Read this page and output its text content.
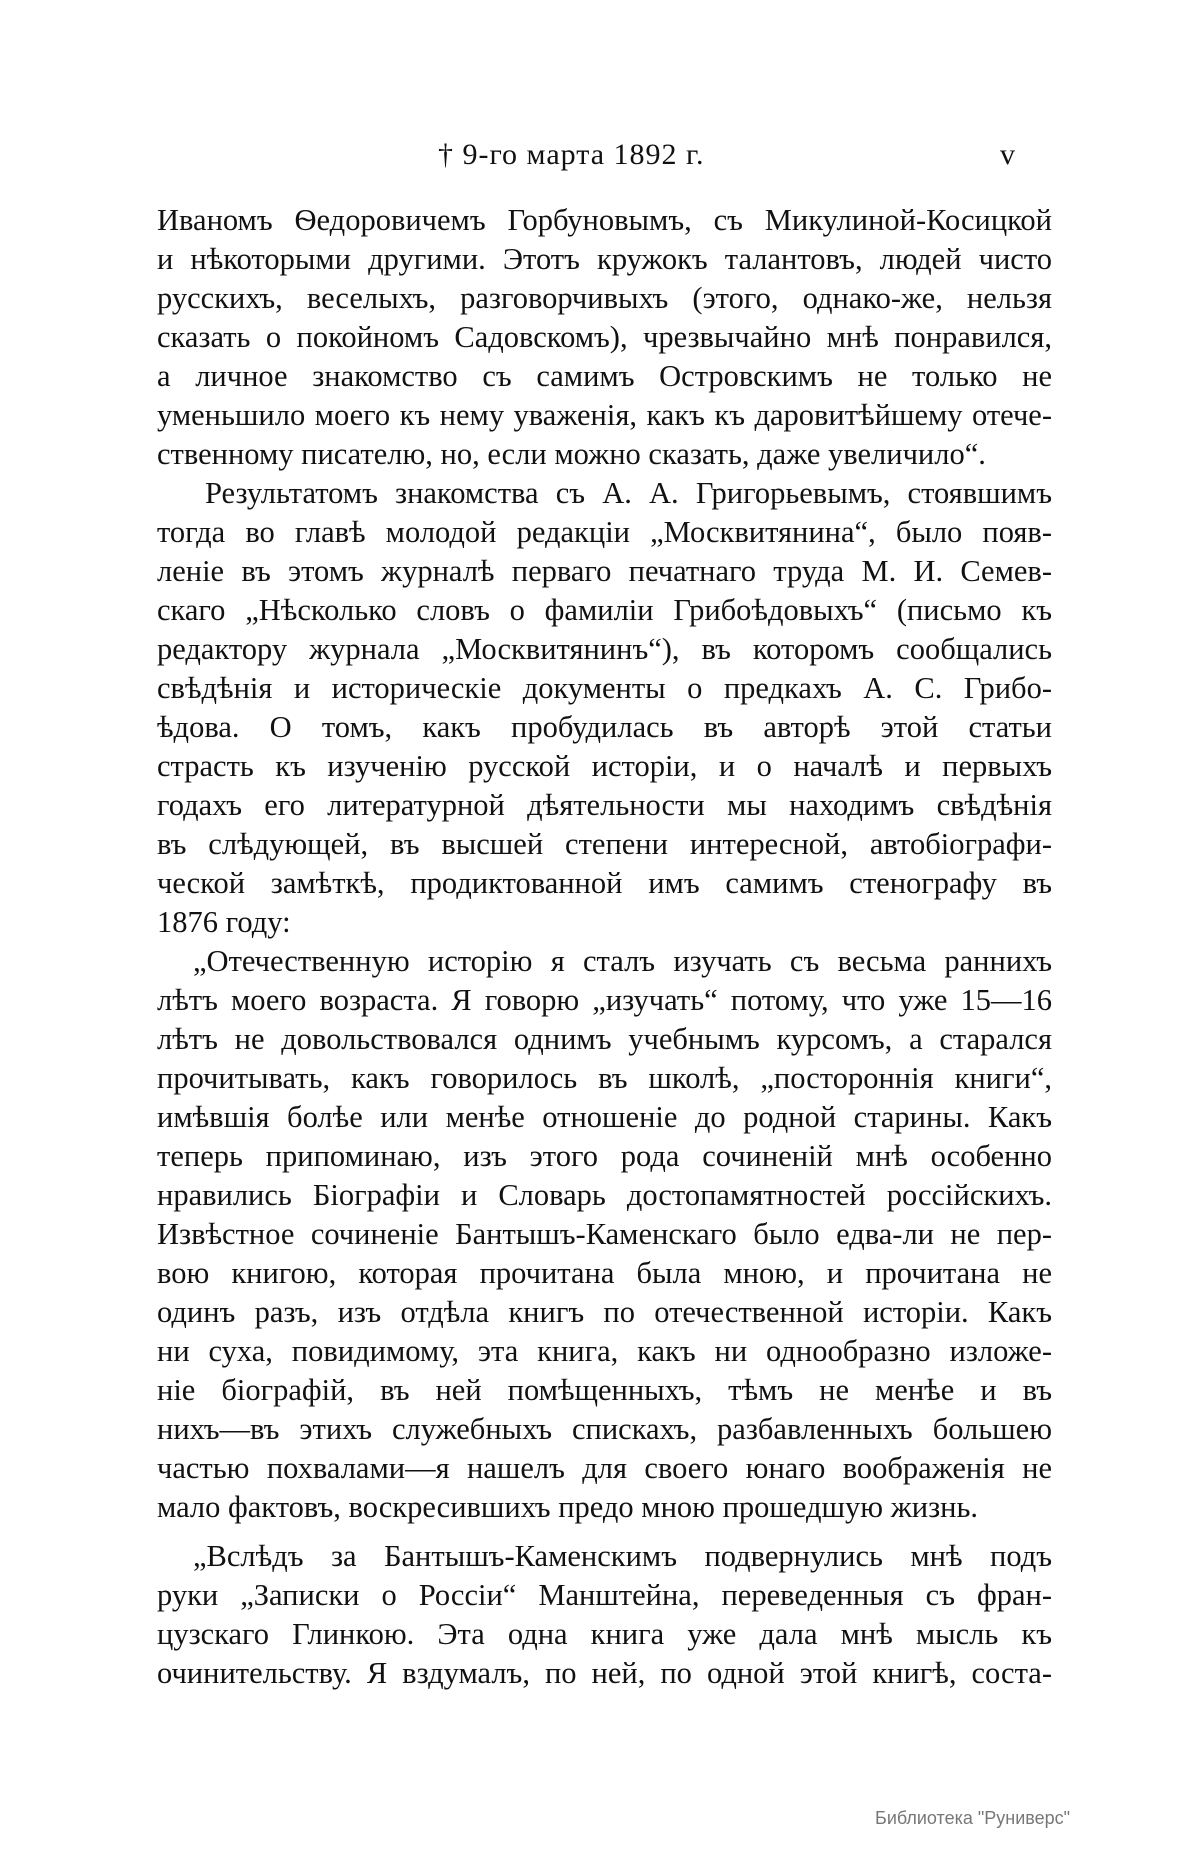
† 9-го марта 1892 г.	v
Иваномъ Ѳедоровичемъ Горбуновымъ, съ Микулиной-Косицкой
и нѣкоторыми другими. Этотъ кружокъ талантовъ, людей чисто
русскихъ, веселыхъ, разговорчивыхъ (этого, однако-же, нельзя
сказать о покойномъ Садовскомъ), чрезвычайно мнѣ понравился,
а личное знакомство съ самимъ Островскимъ не только не
уменьшило моего къ нему уваженія, какъ къ даровитѣйшему отече-
ственному писателю, но, если можно сказать, даже увеличило“.
Результатомъ знакомства съ А. А. Григорьевымъ, стоявшимъ
тогда во главѣ молодой редакціи „Москвитянина“, было появ-
леніе въ этомъ журналѣ перваго печатнаго труда М. И. Семев-
скаго „Нѣсколько словъ о фамиліи Грибоѣдовыхъ“ (письмо къ
редактору журнала „Москвитянинъ“), въ которомъ сообщались
свѣдѣнія и историческіе документы о предкахъ А. С. Грибо-
ѣдова. О томъ, какъ пробудилась въ авторѣ этой статьи
страсть къ изученію русской исторіи, и о началѣ и первыхъ
годахъ его литературной дѣятельности мы находимъ свѣдѣнія
въ слѣдующей, въ высшей степени интересной, автобіографи-
ческой замѣткѣ, продиктованной имъ самимъ стенографу въ
1876 году:
„Отечественную исторію я сталъ изучать съ весьма раннихъ
лѣтъ моего возраста. Я говорю „изучать“ потому, что уже 15—16
лѣтъ не довольствовался однимъ учебнымъ курсомъ, а старался
прочитывать, какъ говорилось въ школѣ, „постороннія книги“,
имѣвшія болѣе или менѣе отношеніе до родной старины. Какъ
теперь припоминаю, изъ этого рода сочиненій мнѣ особенно
нравились Біографіи и Словарь достопамятностей россійскихъ.
Извѣстное сочиненіе Бантышъ-Каменскаго было едва-ли не пер-
вою книгою, которая прочитана была мною, и прочитана не
одинъ разъ, изъ отдѣла книгъ по отечественной исторіи. Какъ
ни суха, повидимому, эта книга, какъ ни однообразно изложе-
ніе біографій, въ ней помѣщенныхъ, тѣмъ не менѣе и въ
нихъ—въ этихъ служебныхъ спискахъ, разбавленныхъ большею
частью похвалами—я нашелъ для своего юнаго воображенія не
мало фактовъ, воскресившихъ предо мною прошедшую жизнь.
„Вслѣдъ за Бантышъ-Каменскимъ подвернулись мнѣ подъ
руки „Записки о Россіи“ Манштейна, переведенныя съ фран-
цузскаго Глинкою. Эта одна книга уже дала мнѣ мысль къ
очинительству. Я вздумалъ, по ней, по одной этой книгѣ, соста-
Библиотека "Руниверс"
